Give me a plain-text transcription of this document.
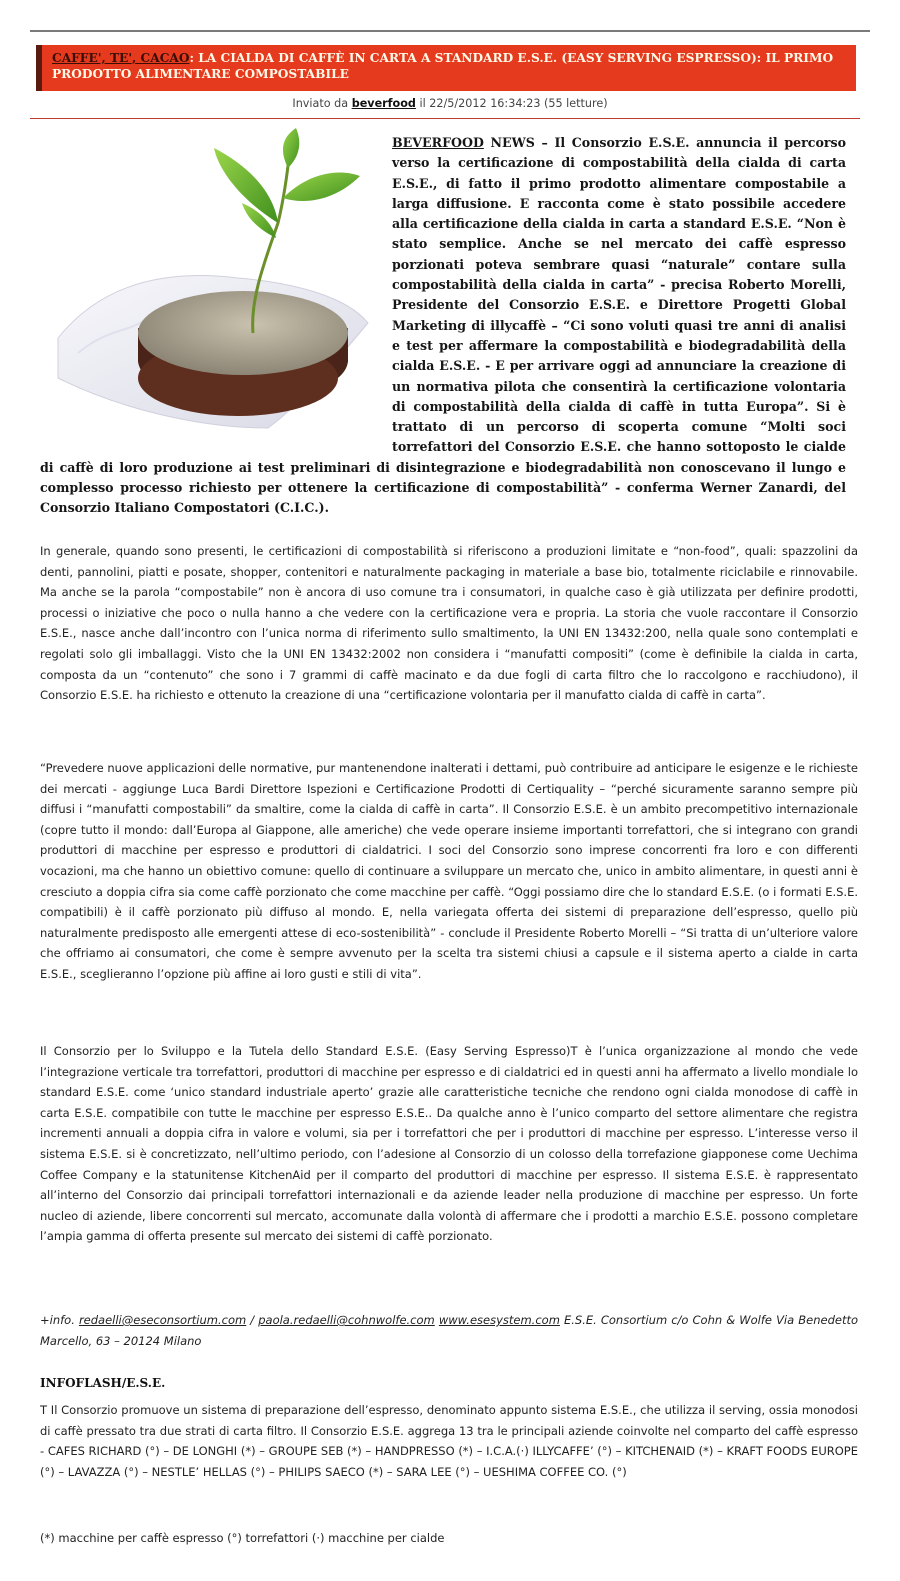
CAFFE', TE', CACAO: LA CIALDA DI CAFFÈ IN CARTA A STANDARD E.S.E. (EASY SERVING ESPRESSO): IL PRIMO PRODOTTO ALIMENTARE COMPOSTABILE
Inviato da beverfood il 22/5/2012 16:34:23 (55 letture)
BEVERFOOD NEWS – Il Consorzio E.S.E. annuncia il percorso verso la certificazione di compostabilità della cialda di carta E.S.E., di fatto il primo prodotto alimentare compostabile a larga diffusione. E racconta come è stato possibile accedere alla certificazione della cialda in carta a standard E.S.E. “Non è stato semplice. Anche se nel mercato dei caffè espresso porzionati poteva sembrare quasi “naturale” contare sulla compostabilità della cialda in carta” - precisa Roberto Morelli, Presidente del Consorzio E.S.E. e Direttore Progetti Global Marketing di illycaffè – “Ci sono voluti quasi tre anni di analisi e test per affermare la compostabilità e biodegradabilità della cialda E.S.E. - E per arrivare oggi ad annunciare la creazione di un normativa pilota che consentirà la certificazione volontaria di compostabilità della cialda di caffè in tutta Europa”. Si è trattato di un percorso di scoperta comune “Molti soci torrefattori del Consorzio E.S.E. che hanno sottoposto le cialde di caffè di loro produzione ai test preliminari di disintegrazione e biodegradabilità non conoscevano il lungo e complesso processo richiesto per ottenere la certificazione di compostabilità” - conferma Werner Zanardi, del Consorzio Italiano Compostatori (C.I.C.).
In generale, quando sono presenti, le certificazioni di compostabilità si riferiscono a produzioni limitate e “non-food”, quali: spazzolini da denti, pannolini, piatti e posate, shopper, contenitori e naturalmente packaging in materiale a base bio, totalmente riciclabile e rinnovabile. Ma anche se la parola “compostabile” non è ancora di uso comune tra i consumatori, in qualche caso è già utilizzata per definire prodotti, processi o iniziative che poco o nulla hanno a che vedere con la certificazione vera e propria. La storia che vuole raccontare il Consorzio E.S.E., nasce anche dall’incontro con l’unica norma di riferimento sullo smaltimento, la UNI EN 13432:200, nella quale sono contemplati e regolati solo gli imballaggi. Visto che la UNI EN 13432:2002 non considera i “manufatti compositi” (come è definibile la cialda in carta, composta da un “contenuto” che sono i 7 grammi di caffè macinato e da due fogli di carta filtro che lo raccolgono e racchiudono), il Consorzio E.S.E. ha richiesto e ottenuto la creazione di una “certificazione volontaria per il manufatto cialda di caffè in carta”.
“Prevedere nuove applicazioni delle normative, pur mantenendone inalterati i dettami, può contribuire ad anticipare le esigenze e le richieste dei mercati - aggiunge Luca Bardi Direttore Ispezioni e Certificazione Prodotti di Certiquality – “perché sicuramente saranno sempre più diffusi i “manufatti compostabili” da smaltire, come la cialda di caffè in carta”. Il Consorzio E.S.E. è un ambito precompetitivo internazionale (copre tutto il mondo: dall’Europa al Giappone, alle americhe) che vede operare insieme importanti torrefattori, che si integrano con grandi produttori di macchine per espresso e produttori di cialdatrici. I soci del Consorzio sono imprese concorrenti fra loro e con differenti vocazioni, ma che hanno un obiettivo comune: quello di continuare a sviluppare un mercato che, unico in ambito alimentare, in questi anni è cresciuto a doppia cifra sia come caffè porzionato che come macchine per caffè. “Oggi possiamo dire che lo standard E.S.E. (o i formati E.S.E. compatibili) è il caffè porzionato più diffuso al mondo. E, nella variegata offerta dei sistemi di preparazione dell’espresso, quello più naturalmente predisposto alle emergenti attese di eco-sostenibilità” - conclude il Presidente Roberto Morelli – “Si tratta di un’ulteriore valore che offriamo ai consumatori, che come è sempre avvenuto per la scelta tra sistemi chiusi a capsule e il sistema aperto a cialde in carta E.S.E., sceglieranno l’opzione più affine ai loro gusti e stili di vita”.
Il Consorzio per lo Sviluppo e la Tutela dello Standard E.S.E. (Easy Serving Espresso)T è l’unica organizzazione al mondo che vede l’integrazione verticale tra torrefattori, produttori di macchine per espresso e di cialdatrici ed in questi anni ha affermato a livello mondiale lo standard E.S.E. come ‘unico standard industriale aperto’ grazie alle caratteristiche tecniche che rendono ogni cialda monodose di caffè in carta E.S.E. compatibile con tutte le macchine per espresso E.S.E.. Da qualche anno è l’unico comparto del settore alimentare che registra incrementi annuali a doppia cifra in valore e volumi, sia per i torrefattori che per i produttori di macchine per espresso. L’interesse verso il sistema E.S.E. si è concretizzato, nell’ultimo periodo, con l’adesione al Consorzio di un colosso della torrefazione giapponese come Uechima Coffee Company e la statunitense KitchenAid per il comparto del produttori di macchine per espresso. Il sistema E.S.E. è rappresentato all’interno del Consorzio dai principali torrefattori internazionali e da aziende leader nella produzione di macchine per espresso. Un forte nucleo di aziende, libere concorrenti sul mercato, accomunate dalla volontà di affermare che i prodotti a marchio E.S.E. possono completare l’ampia gamma di offerta presente sul mercato dei sistemi di caffè porzionato.
+info. redaelli@eseconsortium.com / paola.redaelli@cohnwolfe.com www.esesystem.com E.S.E. Consortium c/o Cohn & Wolfe Via Benedetto Marcello, 63 – 20124 Milano
INFOFLASH/E.S.E.
T Il Consorzio promuove un sistema di preparazione dell’espresso, denominato appunto sistema E.S.E., che utilizza il serving, ossia monodosi di caffè pressato tra due strati di carta filtro. Il Consorzio E.S.E. aggrega 13 tra le principali aziende coinvolte nel comparto del caffè espresso - CAFES RICHARD (°) – DE LONGHI (*) – GROUPE SEB (*) – HANDPRESSO (*) – I.C.A.(·) ILLYCAFFE’ (°) – KITCHENAID (*) – KRAFT FOODS EUROPE (°) – LAVAZZA (°) – NESTLE’ HELLAS (°) – PHILIPS SAECO (*) – SARA LEE (°) – UESHIMA COFFEE CO. (°)
(*) macchine per caffè espresso (°) torrefattori (·) macchine per cialde
